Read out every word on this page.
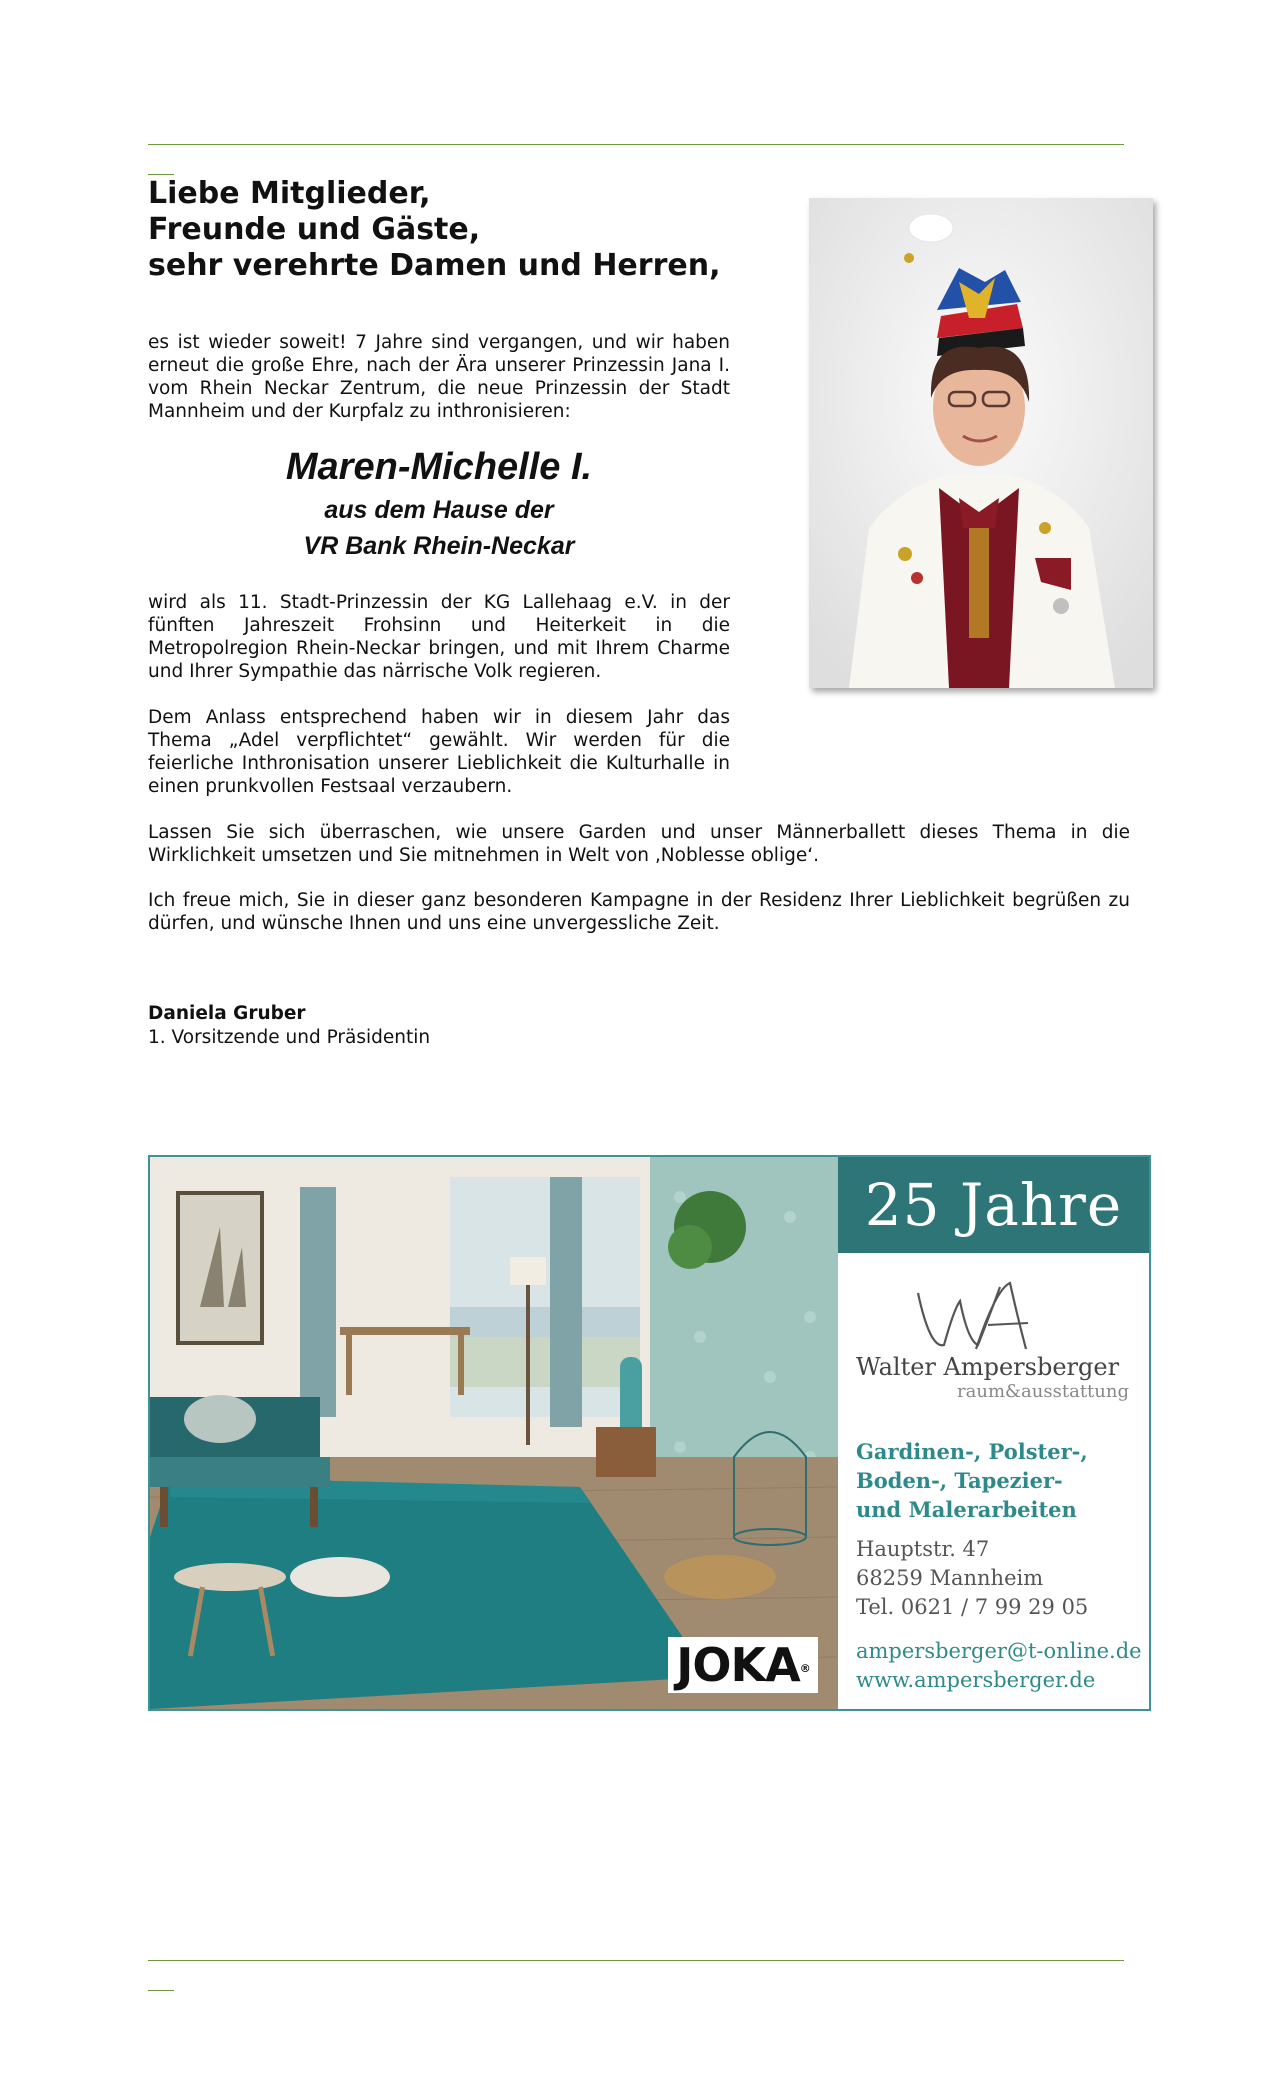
Liebe Mitglieder,
Freunde und Gäste,
sehr verehrte Damen und Herren,

es ist wieder soweit! 7 Jahre sind vergangen, und wir haben erneut die große Ehre, nach der Ära unserer Prinzessin Jana I. vom Rhein Neckar Zentrum, die neue Prinzessin der Stadt Mannheim und der Kurpfalz zu inthronisieren:

Maren-Michelle I.
aus dem Hause der
VR Bank Rhein-Neckar

wird als 11. Stadt-Prinzessin der KG Lallehaag e.V. in der fünften Jahreszeit Frohsinn und Heiterkeit in die Metropolregion Rhein-Neckar bringen, und mit Ihrem Charme und Ihrer Sympathie das närrische Volk regieren.

Dem Anlass entsprechend haben wir in diesem Jahr das Thema „Adel verpflichtet“ gewählt. Wir werden für die feierliche Inthronisation unserer Lieblichkeit die Kulturhalle in einen prunkvollen Festsaal verzaubern.

Lassen Sie sich überraschen, wie unsere Garden und unser Männerballett dieses Thema in die Wirklichkeit umsetzen und Sie mitnehmen in Welt von ‚Noblesse oblige‘.

Ich freue mich, Sie in dieser ganz besonderen Kampagne in der Residenz Ihrer Lieblichkeit begrüßen zu dürfen, und wünsche Ihnen und uns eine unvergessliche Zeit.

Daniela Gruber
1. Vorsitzende und Präsidentin
JOKA®
25 Jahre
Walter Ampersberger
raum&ausstattung
Gardinen-, Polster-,
Boden-, Tapezier-
und Malerarbeiten
Hauptstr. 47
68259 Mannheim
Tel. 0621 / 7 99 29 05
ampersberger@t-online.de
www.ampersberger.de
